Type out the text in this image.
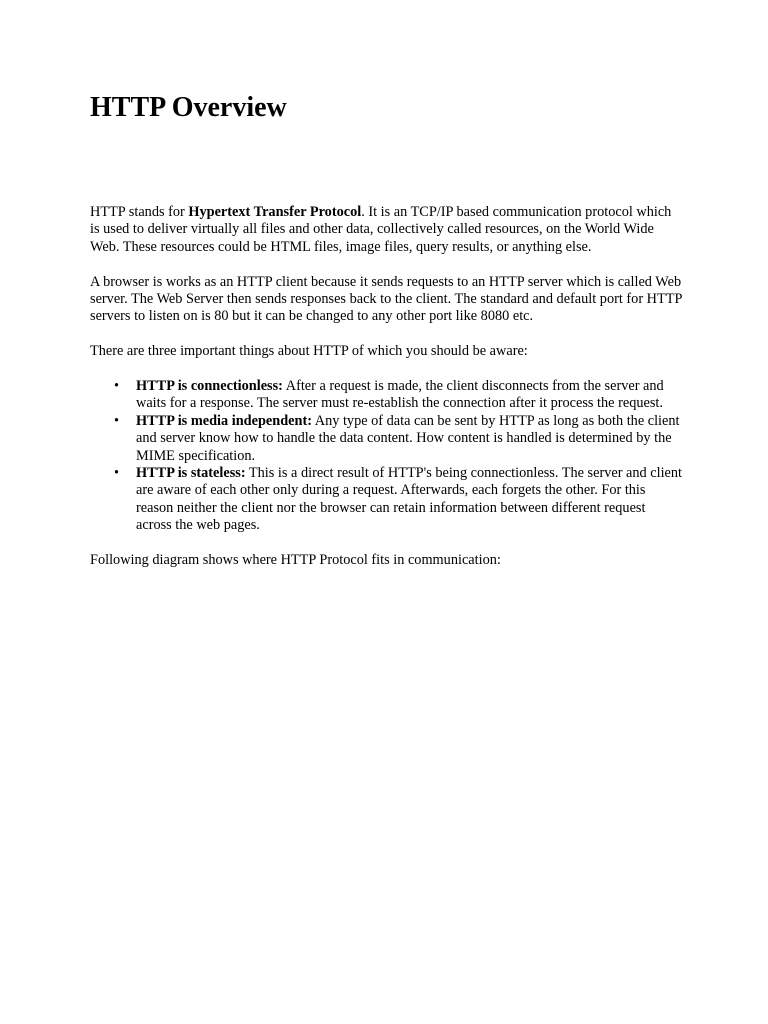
HTTP Overview

HTTP stands for Hypertext Transfer Protocol. It is an TCP/IP based communication protocol which is used to deliver virtually all files and other data, collectively called resources, on the World Wide Web. These resources could be HTML files, image files, query results, or anything else.

A browser is works as an HTTP client because it sends requests to an HTTP server which is called Web server. The Web Server then sends responses back to the client. The standard and default port for HTTP servers to listen on is 80 but it can be changed to any other port like 8080 etc.

There are three important things about HTTP of which you should be aware:

• HTTP is connectionless: After a request is made, the client disconnects from the server and waits for a response. The server must re-establish the connection after it process the request.
• HTTP is media independent: Any type of data can be sent by HTTP as long as both the client and server know how to handle the data content. How content is handled is determined by the MIME specification.
• HTTP is stateless: This is a direct result of HTTP's being connectionless. The server and client are aware of each other only during a request. Afterwards, each forgets the other. For this reason neither the client nor the browser can retain information between different request across the web pages.

Following diagram shows where HTTP Protocol fits in communication:
